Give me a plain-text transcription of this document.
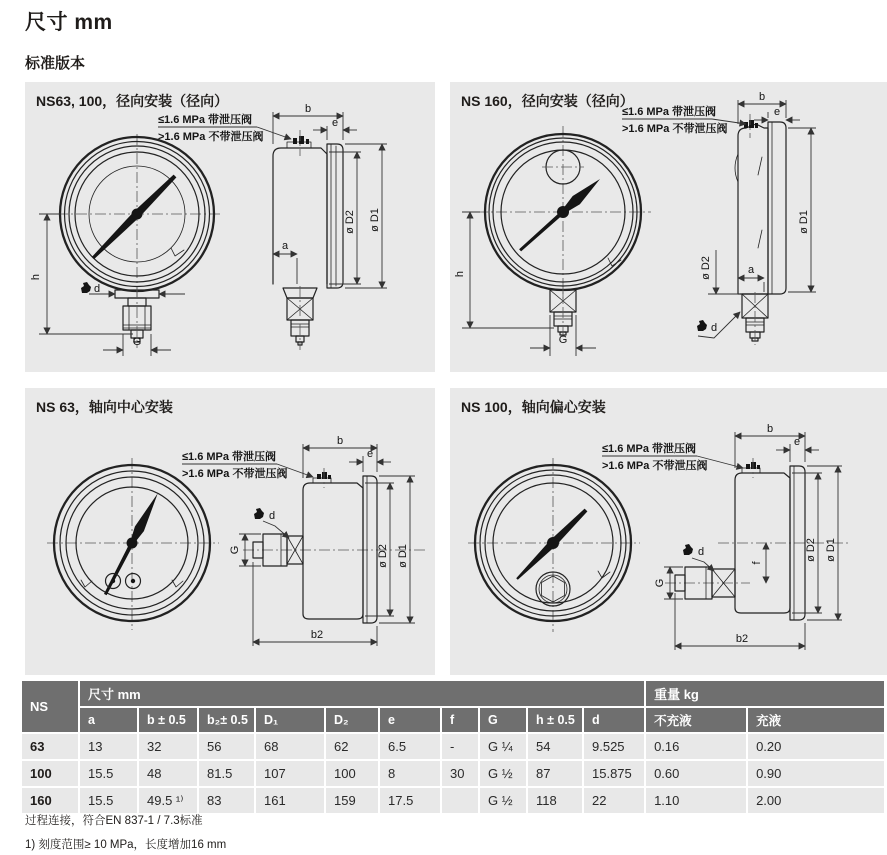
尺寸 mm
标准版本
NS63, 100，径向安装（径向）
d
G
h
b
e
ø D2 ø D1
a
≤1.6 MPa 带泄压阀
>1.6 MPa 不带泄压阀
NS 160，径向安装（径向）
G
h
b
e
ø D1
ø D2	a
d
≤1.6 MPa 带泄压阀
>1.6 MPa 不带泄压阀
NS 63，轴向中心安装
b
e
ø D2 ø D1
G
d
b2
≤1.6 MPa 带泄压阀
>1.6 MPa 不带泄压阀
NS 100，轴向偏心安装
b
e
ø D2 ø D1
G
d
f
b2
≤1.6 MPa 带泄压阀
>1.6 MPa 不带泄压阀
NS	尺寸 mm										重量 kg	
	a	b ± 0.5	b₂± 0.5	D₁	D₂	e	f	G	h ± 0.5	d	不充液	充液
63	13	32	56	68	62	6.5	-	G ¼	54	9.525	0.16	0.20
100	15.5	48	81.5	107	100	8	30	G ½	87	15.875	0.60	0.90
160	15.5	49.5 ¹⁾	83	161	159	17.5		G ½	118	22	1.10	2.00
过程连接，符合EN 837-1 / 7.3标准
1) 刻度范围≥ 10 MPa，长度增加16 mm
